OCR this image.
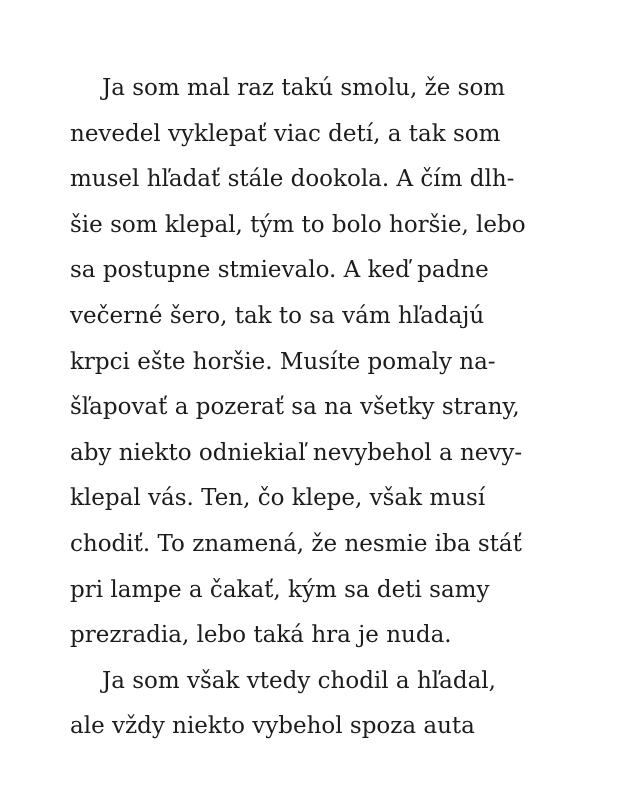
Ja som mal raz takú smolu, že som
nevedel vyklepať viac detí, a tak som
musel hľadať stále dookola. A čím dlh-
šie som klepal, tým to bolo horšie, lebo
sa postupne stmievalo. A keď padne
večerné šero, tak to sa vám hľadajú
krpci ešte horšie. Musíte pomaly na-
šľapovať a pozerať sa na všetky strany,
aby niekto odniekiaľ nevybehol a nevy-
klepal vás. Ten, čo klepe, však musí
chodiť. To znamená, že nesmie iba stáť
pri lampe a čakať, kým sa deti samy
prezradia, lebo taká hra je nuda.
Ja som však vtedy chodil a hľadal,
ale vždy niekto vybehol spoza auta
